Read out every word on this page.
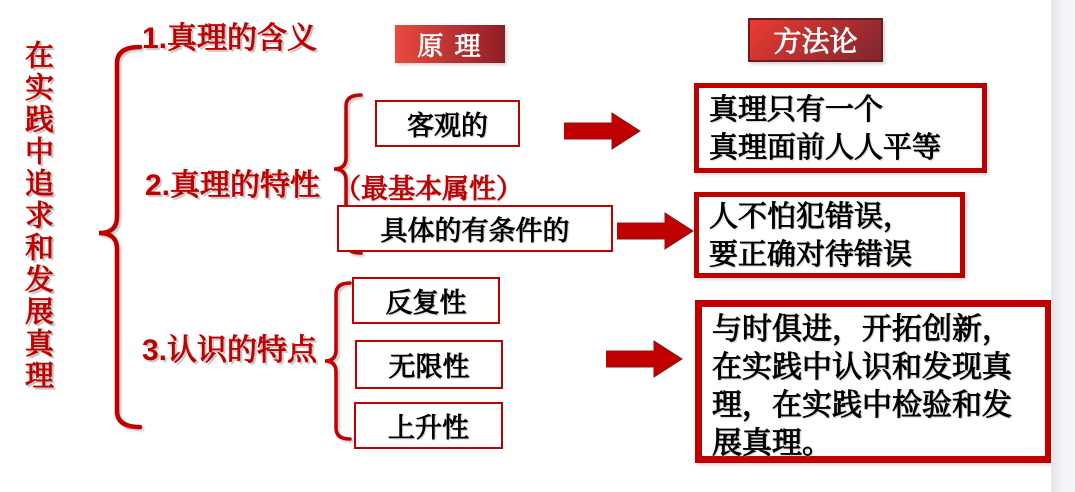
在实践中追求和发展真理
1.真理的含义
2.真理的特性
3.认识的特点
原 理	方法论
客观的
（最基本属性）
具体的有条件的
反复性
无限性
上升性
真理只有一个
真理面前人人平等
人不怕犯错误，
要正确对待错误
与时俱进，开拓创新，在实践中认识和发现真理，在实践中检验和发展真理。
